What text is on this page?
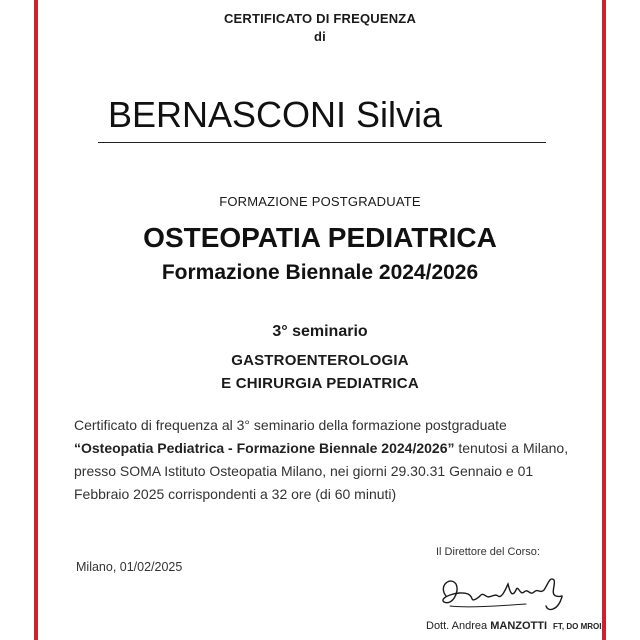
CERTIFICATO DI FREQUENZA
di
BERNASCONI Silvia
FORMAZIONE POSTGRADUATE
OSTEOPATIA PEDIATRICA
Formazione Biennale 2024/2026
3° seminario
GASTROENTEROLOGIA
E CHIRURGIA PEDIATRICA
Certificato di frequenza al 3° seminario della formazione postgraduate “Osteopatia Pediatrica - Formazione Biennale 2024/2026” tenutosi a Milano, presso SOMA Istituto Osteopatia Milano, nei giorni 29.30.31 Gennaio e 01 Febbraio 2025 corrispondenti a 32 ore (di 60 minuti)
Milano, 01/02/2025
Il Direttore del Corso:
Dott. Andrea MANZOTTI FT, DO MROI
